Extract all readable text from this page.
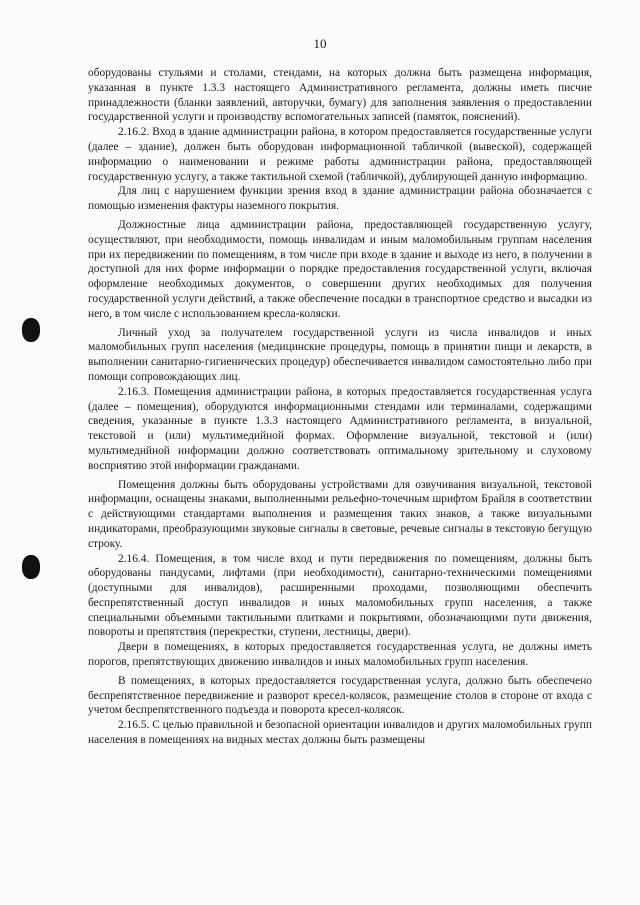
10

оборудованы стульями и столами, стендами, на которых должна быть размещена информация, указанная в пункте 1.3.3 настоящего Административного регламента, должны иметь писчие принадлежности (бланки заявлений, авторучки, бумагу) для заполнения заявления о предоставлении государственной услуги и производству вспомогательных записей (памяток, пояснений).

2.16.2. Вход в здание администрации района, в котором предоставляется государственные услуги (далее – здание), должен быть оборудован информационной табличкой (вывеской), содержащей информацию о наименовании и режиме работы администрации района, предоставляющей государственную услугу, а также тактильной схемой (табличкой), дублирующей данную информацию.

Для лиц с нарушением функции зрения вход в здание администрации района обозначается с помощью изменения фактуры наземного покрытия.

Должностные лица администрации района, предоставляющей государственную услугу, осуществляют, при необходимости, помощь инвалидам и иным маломобильным группам населения при их передвижении по помещениям, в том числе при входе в здание и выходе из него, в получении в доступной для них форме информации о порядке предоставления государственной услуги, включая оформление необходимых документов, о совершении других необходимых для получения государственной услуги действий, а также обеспечение посадки в транспортное средство и высадки из него, в том числе с использованием кресла-коляски.

Личный уход за получателем государственной услуги из числа инвалидов и иных маломобильных групп населения (медицинские процедуры, помощь в принятии пищи и лекарств, в выполнении санитарно-гигиенических процедур) обеспечивается инвалидом самостоятельно либо при помощи сопровождающих лиц.

2.16.3. Помещения администрации района, в которых предоставляется государственная услуга (далее – помещения), оборудуются информационными стендами или терминалами, содержащими сведения, указанные в пункте 1.3.3 настоящего Административного регламента, в визуальной, текстовой и (или) мультимедийной формах. Оформление визуальной, текстовой и (или) мультимедийной информации должно соответствовать оптимальному зрительному и слуховому восприятию этой информации гражданами.

Помещения должны быть оборудованы устройствами для озвучивания визуальной, текстовой информации, оснащены знаками, выполненными рельефно-точечным шрифтом Брайля в соответствии с действующими стандартами выполнения и размещения таких знаков, а также визуальными индикаторами, преобразующими звуковые сигналы в световые, речевые сигналы в текстовую бегущую строку.

2.16.4. Помещения, в том числе вход и пути передвижения по помещениям, должны быть оборудованы пандусами, лифтами (при необходимости), санитарно-техническими помещениями (доступными для инвалидов), расширенными проходами, позволяющими обеспечить беспрепятственный доступ инвалидов и иных маломобильных групп населения, а также специальными объемными тактильными плитками и покрытиями, обозначающими пути движения, повороты и препятствия (перекрестки, ступени, лестницы, двери).

Двери в помещениях, в которых предоставляется государственная услуга, не должны иметь порогов, препятствующих движению инвалидов и иных маломобильных групп населения.

В помещениях, в которых предоставляется государственная услуга, должно быть обеспечено беспрепятственное передвижение и разворот кресел-колясок, размещение столов в стороне от входа с учетом беспрепятственного подъезда и поворота кресел-колясок.

2.16.5. С целью правильной и безопасной ориентации инвалидов и других маломобильных групп населения в помещениях на видных местах должны быть размещены
